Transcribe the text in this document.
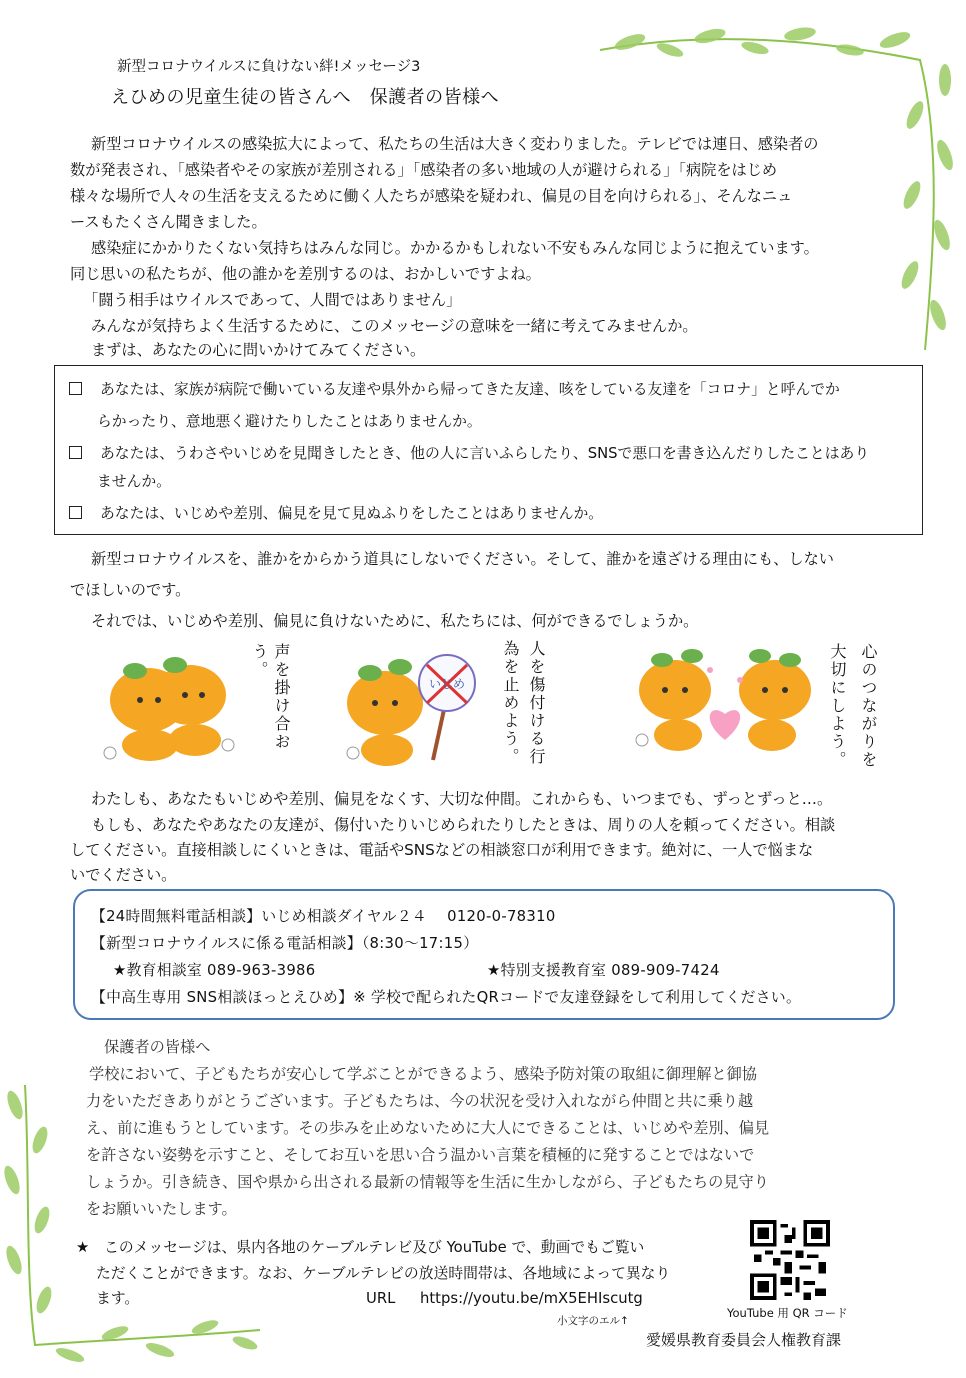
新型コロナウイルスに負けない絆!メッセージ3
えひめの児童生徒の皆さんへ　保護者の皆様へ
新型コロナウイルスの感染拡大によって、私たちの生活は大きく変わりました。テレビでは連日、感染者の
数が発表され、「感染者やその家族が差別される」「感染者の多い地域の人が避けられる」「病院をはじめ
様々な場所で人々の生活を支えるために働く人たちが感染を疑われ、偏見の目を向けられる」、そんなニュ
ースもたくさん聞きました。
感染症にかかりたくない気持ちはみんな同じ。かかるかもしれない不安もみんな同じように抱えています。
同じ思いの私たちが、他の誰かを差別するのは、おかしいですよね。
「闘う相手はウイルスであって、人間ではありません」
みんなが気持ちよく生活するために、このメッセージの意味を一緒に考えてみませんか。
まずは、あなたの心に問いかけてみてください。
あなたは、家族が病院で働いている友達や県外から帰ってきた友達、咳をしている友達を「コロナ」と呼んでか
らかったり、意地悪く避けたりしたことはありませんか。
あなたは、うわさやいじめを見聞きしたとき、他の人に言いふらしたり、SNSで悪口を書き込んだりしたことはあり
ませんか。
あなたは、いじめや差別、偏見を見て見ぬふりをしたことはありませんか。
新型コロナウイルスを、誰かをからかう道具にしないでください。そして、誰かを遠ざける理由にも、しない
でほしいのです。
それでは、いじめや差別、偏見に負けないために、私たちには、何ができるでしょうか。
声を掛け合おう。
いじめ	人を傷付ける行
為を止めよう。	心のつながりを
大切にしよう。
わたしも、あなたもいじめや差別、偏見をなくす、大切な仲間。これからも、いつまでも、ずっとずっと…。
もしも、あなたやあなたの友達が、傷付いたりいじめられたりしたときは、周りの人を頼ってください。相談
してください。直接相談しにくいときは、電話やSNSなどの相談窓口が利用できます。絶対に、一人で悩まな
いでください。
【24時間無料電話相談】いじめ相談ダイヤル２４　 0120-0-78310
【新型コロナウイルスに係る電話相談】（8:30～17:15）
★教育相談室 089-963-3986	★特別支援教育室 089-909-7424
【中高生専用 SNS相談ほっとえひめ】※ 学校で配られたQRコードで友達登録をして利用してください。
保護者の皆様へ
学校において、子どもたちが安心して学ぶことができるよう、感染予防対策の取組に御理解と御協
力をいただきありがとうございます。子どもたちは、今の状況を受け入れながら仲間と共に乗り越
え、前に進もうとしています。その歩みを止めないために大人にできることは、いじめや差別、偏見
を許さない姿勢を示すこと、そしてお互いを思い合う温かい言葉を積極的に発することではないで
しょうか。引き続き、国や県から出される最新の情報等を生活に生かしながら、子どもたちの見守り
をお願いいたします。
★　このメッセージは、県内各地のケーブルテレビ及び YouTube で、動画でもご覧い
ただくことができます。なお、ケーブルテレビの放送時間帯は、各地域によって異なり
ます。	URL https://youtu.be/mX5EHIscutg
小文字のエル↑
YouTube 用 QR コード
愛媛県教育委員会人権教育課
